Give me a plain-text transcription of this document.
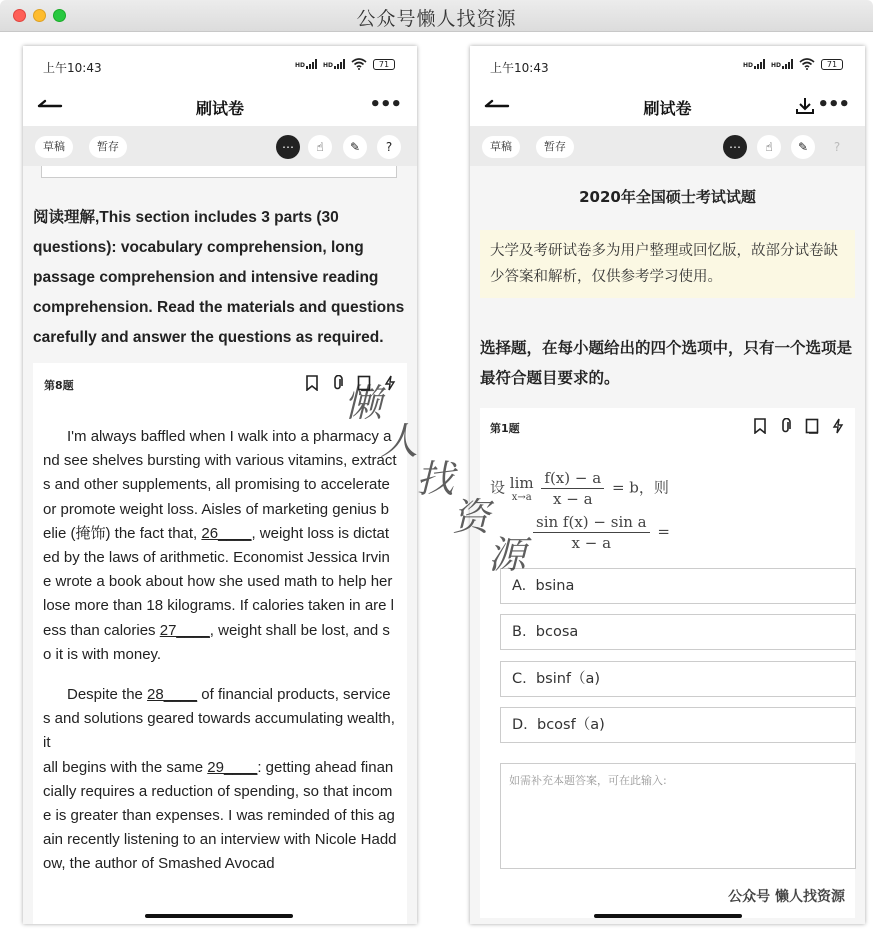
公众号懒人找资源
上午10:43	HD	HD	71
刷试卷	•••
草稿	暂存	⋯	☝	✎	?
阅读理解,This section includes 3 parts (30 questions): vocabulary comprehension, long passage comprehension and intensive reading comprehension. Read the materials and questions carefully and answer the questions as required.
第8题

I'm always baffled when I walk into a pharmacy and see shelves bursting with various vitamins, extracts and other supplements, all promising to accelerate or promote weight loss. Aisles of marketing genius belie (掩饰) the fact that, 26____, weight loss is dictated by the laws of arithmetic. Economist Jessica Irvine wrote a book about how she used math to help her lose more than 18 kilograms. If calories taken in are less than calories 27____, weight shall be lost, and so it is with money.

Despite the 28____ of financial products, services and solutions geared towards accumulating wealth, it

all begins with the same 29____: getting ahead financially requires a reduction of spending, so that income is greater than expenses. I was reminded of this again recently listening to an interview with Nicole Haddow, the author of Smashed Avocad

上午10:43	HD	HD	71
刷试卷	•••
草稿	暂存	⋯	☝	✎	?
2020年全国硕士考试试题
大学及考研试卷多为用户整理或回忆版，故部分试卷缺少答案和解析，仅供参考学习使用。
选择题，在每小题给出的四个选项中，只有一个选项是最符合题目要求的。
第1题
设 lim
x→a
$\frac{f(x) - a}{x - a} = b$，则
$\frac{\text{sin f(x) − sin a}}{x - a}$ =
A. bsina
B. bcosa
C. bsinf（a)
D. bcosf（a)
如需补充本题答案，可在此输入:
公众号 懒人找资源
懒
人
找
资
源
